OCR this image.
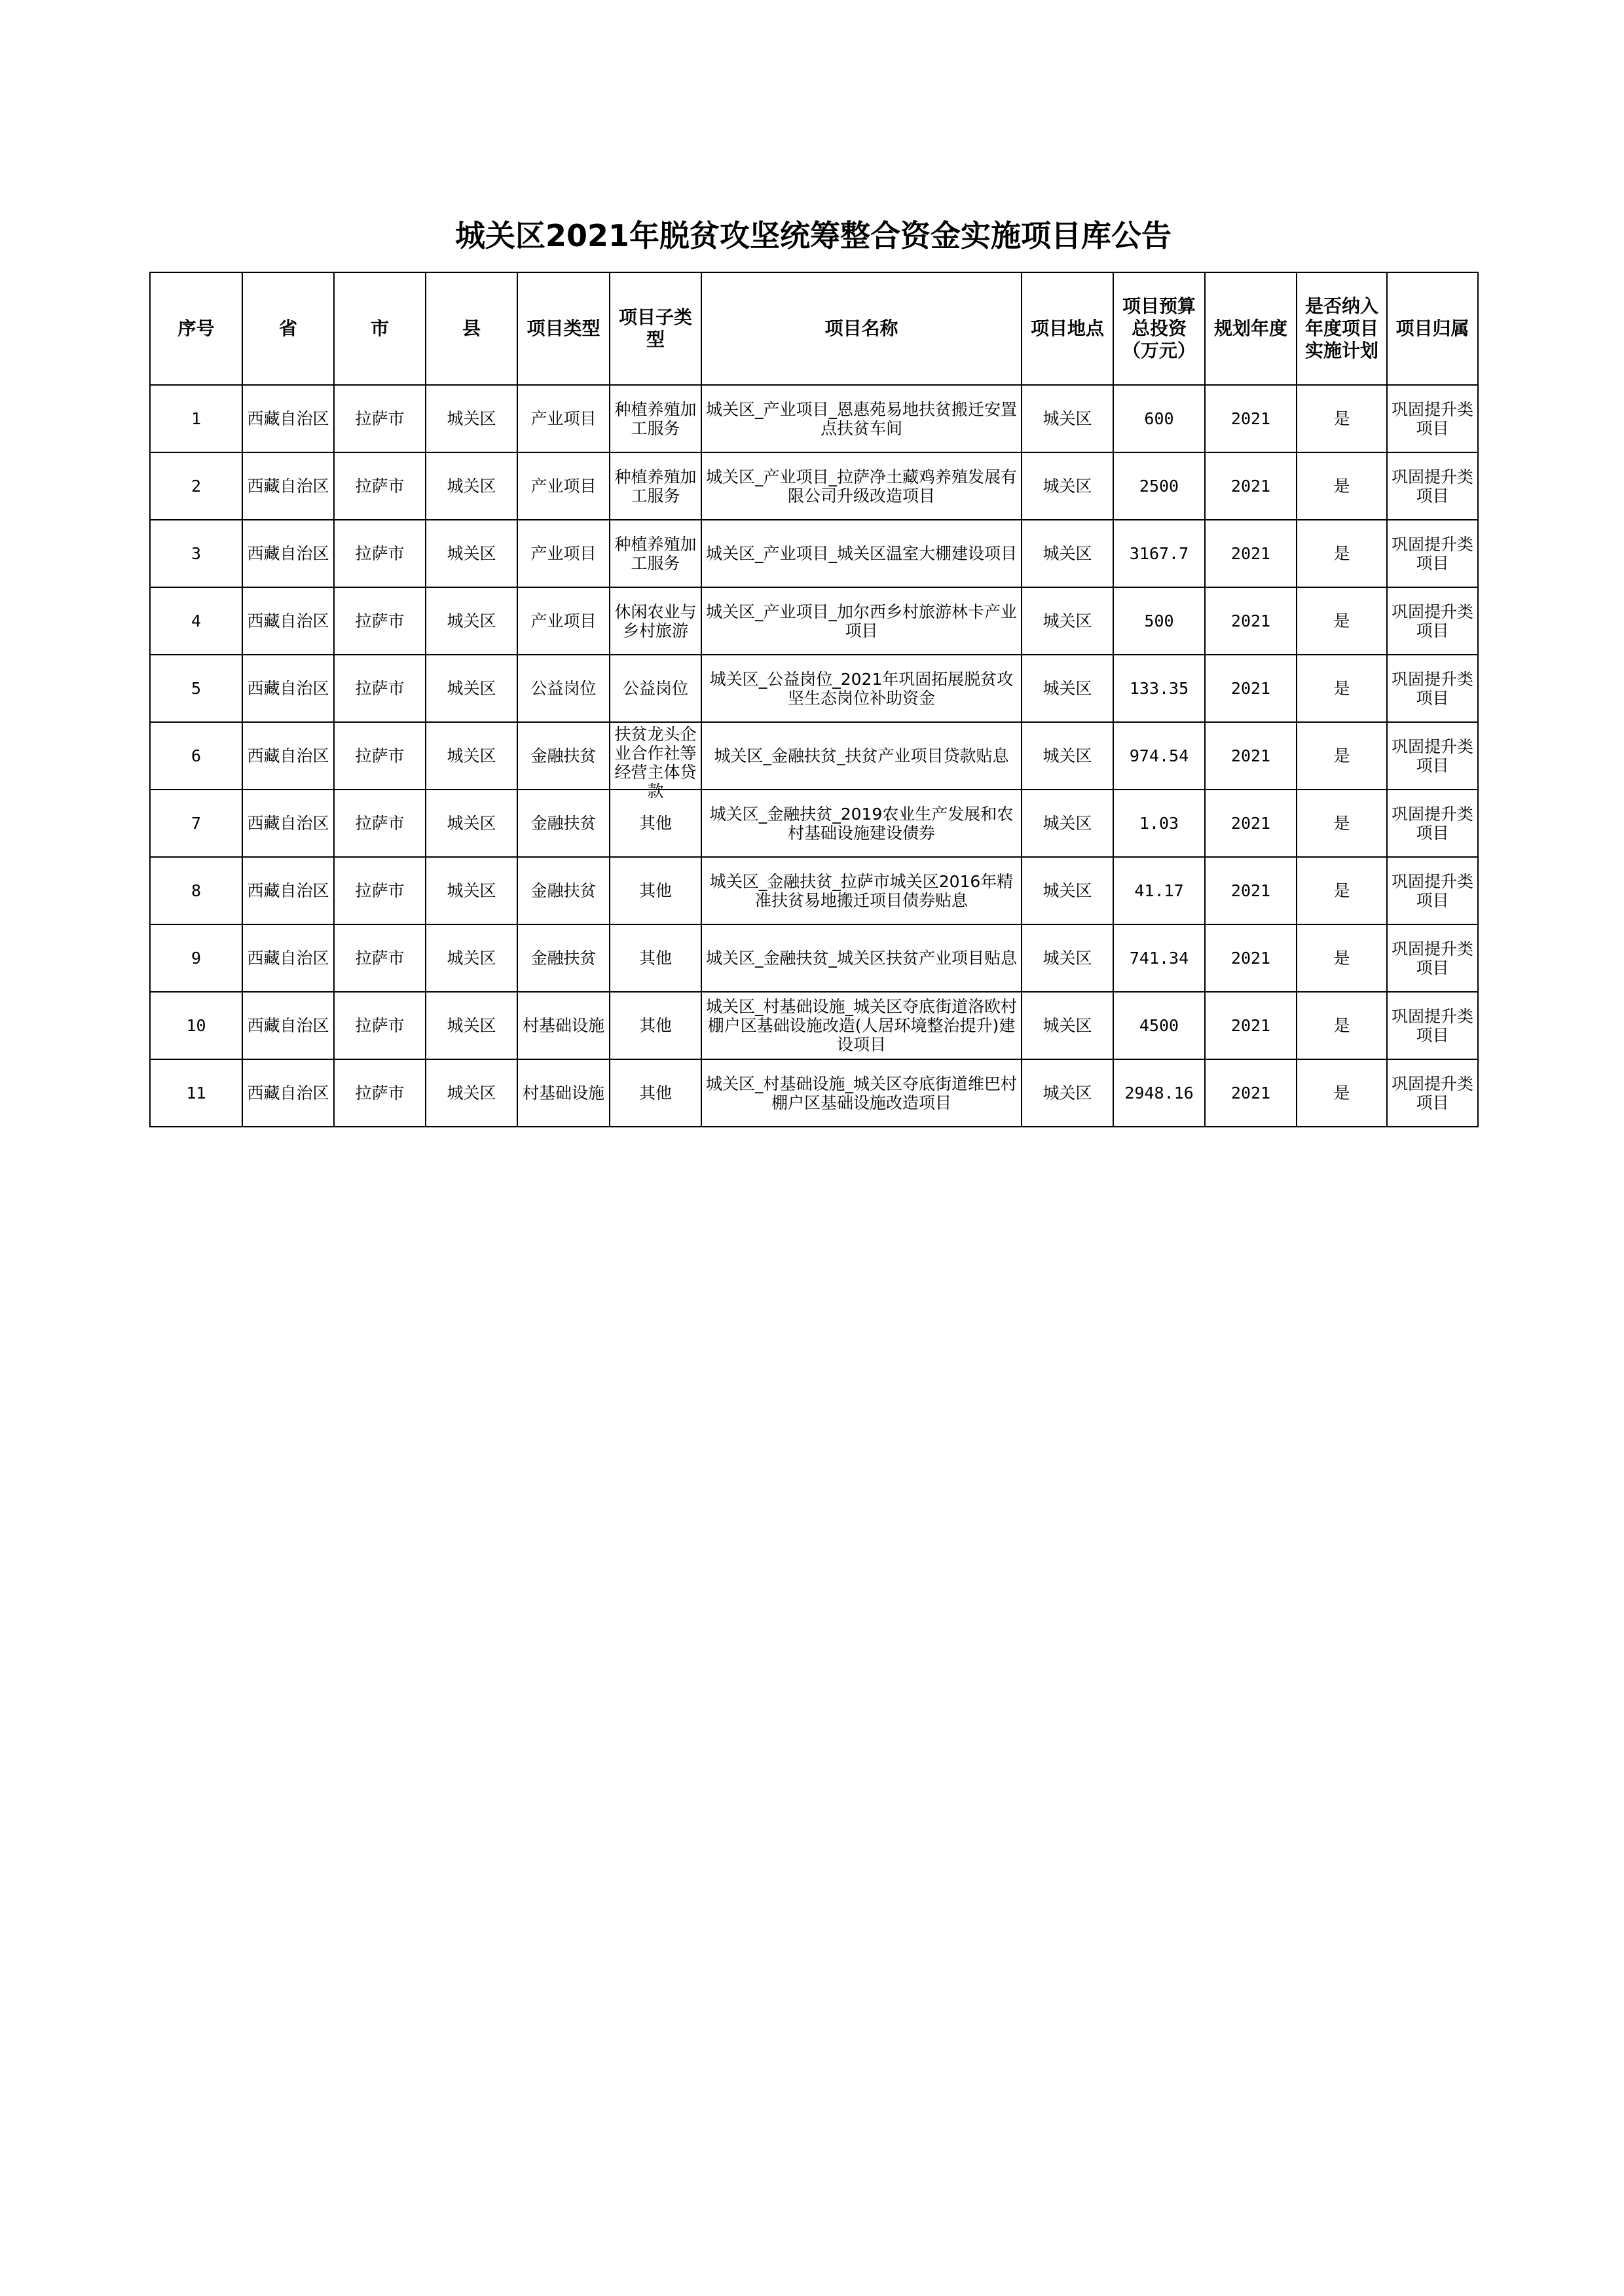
城关区2021年脱贫攻坚统筹整合资金实施项目库公告
序号	省	市	县	项目类型	项目子类型	项目名称	项目地点	项目预算总投资（万元）	规划年度	是否纳入年度项目实施计划	项目归属
1	西藏自治区	拉萨市	城关区	产业项目	种植养殖加工服务	城关区_产业项目_恩惠苑易地扶贫搬迁安置点扶贫车间	城关区	600	2021	是	巩固提升类项目
2	西藏自治区	拉萨市	城关区	产业项目	种植养殖加工服务	城关区_产业项目_拉萨净土藏鸡养殖发展有限公司升级改造项目	城关区	2500	2021	是	巩固提升类项目
3	西藏自治区	拉萨市	城关区	产业项目	种植养殖加工服务	城关区_产业项目_城关区温室大棚建设项目	城关区	3167.7	2021	是	巩固提升类项目
4	西藏自治区	拉萨市	城关区	产业项目	休闲农业与乡村旅游	城关区_产业项目_加尔西乡村旅游林卡产业项目	城关区	500	2021	是	巩固提升类项目
5	西藏自治区	拉萨市	城关区	公益岗位	公益岗位	城关区_公益岗位_2021年巩固拓展脱贫攻坚生态岗位补助资金	城关区	133.35	2021	是	巩固提升类项目
6	西藏自治区	拉萨市	城关区	金融扶贫	扶贫龙头企业合作社等经营主体贷款	城关区_金融扶贫_扶贫产业项目贷款贴息	城关区	974.54	2021	是	巩固提升类项目
7	西藏自治区	拉萨市	城关区	金融扶贫	其他	城关区_金融扶贫_2019农业生产发展和农村基础设施建设债券	城关区	1.03	2021	是	巩固提升类项目
8	西藏自治区	拉萨市	城关区	金融扶贫	其他	城关区_金融扶贫_拉萨市城关区2016年精准扶贫易地搬迁项目债券贴息	城关区	41.17	2021	是	巩固提升类项目
9	西藏自治区	拉萨市	城关区	金融扶贫	其他	城关区_金融扶贫_城关区扶贫产业项目贴息	城关区	741.34	2021	是	巩固提升类项目
10	西藏自治区	拉萨市	城关区	村基础设施	其他	城关区_村基础设施_城关区夺底街道洛欧村棚户区基础设施改造(人居环境整治提升)建设项目	城关区	4500	2021	是	巩固提升类项目
11	西藏自治区	拉萨市	城关区	村基础设施	其他	城关区_村基础设施_城关区夺底街道维巴村棚户区基础设施改造项目	城关区	2948.16	2021	是	巩固提升类项目
